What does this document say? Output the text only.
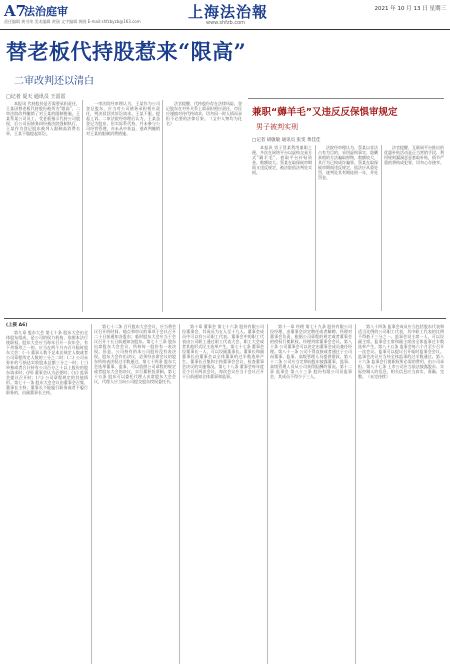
A7
法治庭审
责任编辑 黄书荣 美术编辑 黄丽 文字编辑 黄晓 E-mail:shfzbyzb@163.com
上海法治報
www.shfzb.com
2021 年 10 月 13 日 星期三
替老板代持股惹来“限高”
二审改判还以清白
□记者 夏天 通讯员 王雷雷

本报讯 代持股份是否需要承担责任，王某因替老板代持股份被列为“限高”，二审法院改判撤销了对王某的限制措施。王某系某公司员工，受老板指示代持公司股权，后公司因债务纠纷被法院强制执行，王某作为登记股东被列入限制高消费名单，王某不服提起诉讼。

一审法院经审理认为，王某作为公司登记股东，应当对公司债务承担相应责任，判决驳回其诉讼请求。王某不服，提起上诉。二审法院经审理后认为，王某虽登记为股东，但实际系代持，并未参与公司经营管理，亦未从中获益，遂改判撤销对王某的限制消费措施。

法官提醒，代持股份存在法律风险，登记股东在对外关系上需承担相应责任，市民应谨慎对待代持请求，切勿因一时人情而承担不必要的法律后果。（文中人物均为化名）

兼职“薅羊毛”又违反反保惧审规定
男子被判实刑
□记者 胡敏敏 通讯员 张雯 黄佳佳

本报讯 男子蔡某利用兼职之便，多次在网络平台以虚构交易方式“薅羊毛”，套取平台补贴资金，数额较大。蔡某在取保候审期间又违反规定，被法院依法判处实刑。

法院经审理认为，蔡某以非法占有为目的，采用虚构事实、隐瞒真相的方法骗取财物，数额较大，其行为已构成诈骗罪。蔡某在取保候审期间违反规定，依法应从重处罚，遂判处其有期徒刑一年，并处罚金。

法官提醒，互联网平台推出的优惠补贴活动是正当营销手段，利用规则漏洞恶意套取补贴，情节严重的将构成犯罪，切勿心存侥幸。

(上接 A6)

第九章 股东大会 第七十条 股东大会由全体股东组成，是公司的权力机构，依照本法行使职权。股东大会应当每年召开一次年会，有下列情形之一的，应当在两个月内召开临时股东大会：(一) 董事人数不足本法规定人数或者公司章程所定人数的三分之二时；(二) 公司未弥补的亏损达实收股本总额三分之一时；(三) 单独或者合计持有公司百分之十以上股份的股东请求时；(四) 董事会认为必要时；(五) 监事会提议召开时；(六) 公司章程规定的其他情形。第七十一条 股东大会会议由董事会召集，董事长主持；董事长不能履行职务或者不履行职务的，由副董事长主持。

第七十二条 召开股东大会会议，应当将会议召开的时间、地点和审议的事项于会议召开二十日前通知各股东；临时股东大会应当于会议召开十五日前通知各股东。第七十三条 股东出席股东大会会议，所持每一股份有一表决权。但是，公司持有的本公司股份没有表决权。股东大会作出决议，必须经出席会议的股东所持表决权过半数通过。第七十四条 股东大会选举董事、监事，可以依照公司章程的规定或者股东大会的决议，实行累积投票制。第七十五条 股东可以委托代理人出席股东大会会议，代理人应当向公司提交股东授权委托书。

第十章 董事会 第七十六条 股份有限公司设董事会，其成员为五人至十九人。董事会成员中可以有公司职工代表。董事会中的职工代表由公司职工通过职工代表大会、职工大会或者其他形式民主选举产生。第七十七条 董事会设董事长一人，可以设副董事长。董事长和副董事长由董事会以全体董事的过半数选举产生。董事长召集和主持董事会会议，检查董事会决议的实施情况。第七十八条 董事会每年度至少召开两次会议，每次会议应当于会议召开十日前通知全体董事和监事。

第十一章 经理 第七十九条 股份有限公司设经理，由董事会决定聘任或者解聘。经理对董事会负责，根据公司章程的规定或者董事会的授权行使职权。经理列席董事会会议。第八十条 公司董事会可以决定由董事会成员兼任经理。第八十一条 公司不得直接或者通过子公司向董事、监事、高级管理人员提供借款。第八十二条 公司应当定期向股东披露董事、监事、高级管理人员从公司获得报酬的情况。第十二章 监事会 第八十三条 股份有限公司设监事会，其成员不得少于三人。

第八十四条 监事会成员应当包括股东代表和适当比例的公司职工代表，其中职工代表的比例不得低于三分之一。监事会设主席一人，可以设副主席。监事会主席和副主席由全体监事过半数选举产生。第八十五条 监事会每六个月至少召开一次会议。监事可以提议召开临时监事会会议。监事会决议应当经全体监事的过半数通过。第八十六条 监事会行使职权所必需的费用，由公司承担。第八十七条 上市公司应当依法披露股东、实际控制人的信息，相关信息应当真实、准确、完整。（未完待续）
